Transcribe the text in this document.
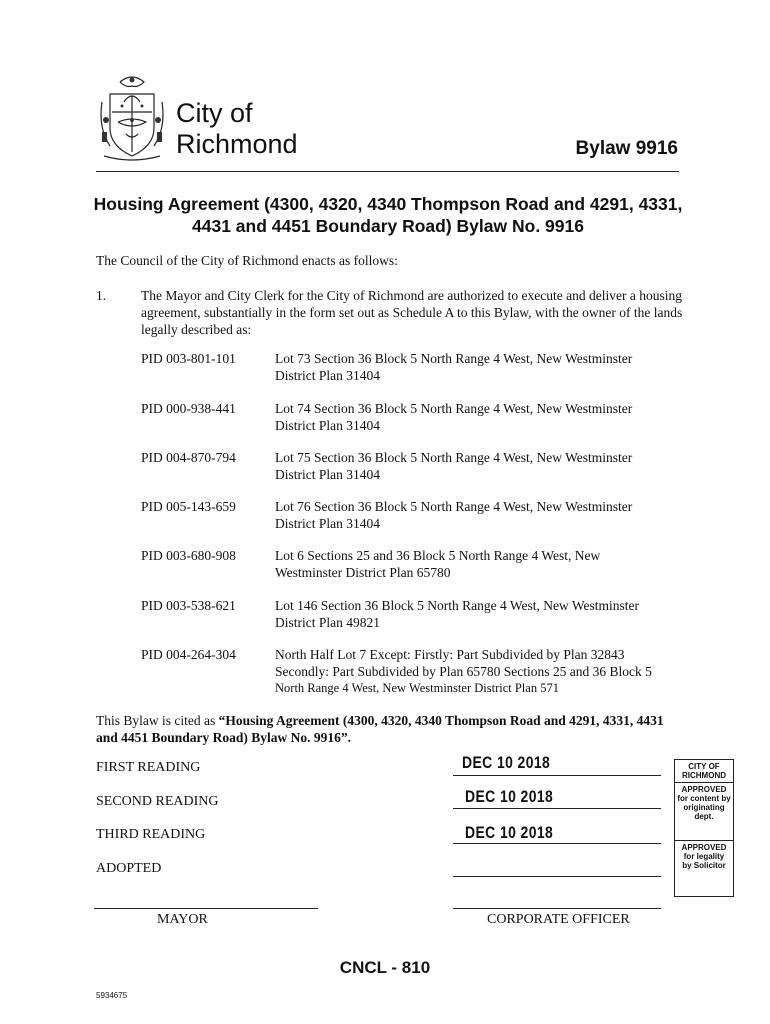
City of
Richmond	Bylaw 9916
Housing Agreement (4300, 4320, 4340 Thompson Road and 4291, 4331,
4431 and 4451 Boundary Road) Bylaw No. 9916
The Council of the City of Richmond enacts as follows:
1.	The Mayor and City Clerk for the City of Richmond are authorized to execute and deliver a housing agreement, substantially in the form set out as Schedule A to this Bylaw, with the owner of the lands legally described as:
PID 003-801-101	Lot 73 Section 36 Block 5 North Range 4 West, New Westminster
District Plan 31404
PID 000-938-441	Lot 74 Section 36 Block 5 North Range 4 West, New Westminster
District Plan 31404
PID 004-870-794	Lot 75 Section 36 Block 5 North Range 4 West, New Westminster
District Plan 31404
PID 005-143-659	Lot 76 Section 36 Block 5 North Range 4 West, New Westminster
District Plan 31404
PID 003-680-908	Lot 6 Sections 25 and 36 Block 5 North Range 4 West, New
Westminster District Plan 65780
PID 003-538-621	Lot 146 Section 36 Block 5 North Range 4 West, New Westminster
District Plan 49821
PID 004-264-304	North Half Lot 7 Except: Firstly: Part Subdivided by Plan 32843
Secondly: Part Subdivided by Plan 65780 Sections 25 and 36 Block 5
North Range 4 West, New Westminster District Plan 571
This Bylaw is cited as “Housing Agreement (4300, 4320, 4340 Thompson Road and 4291, 4331, 4431 and 4451 Boundary Road) Bylaw No. 9916”.
FIRST READING	DEC 10 2018
SECOND READING	DEC 10 2018
THIRD READING	DEC 10 2018
ADOPTED
CITY OF
RICHMOND
APPROVED
for content by
originating
dept.
APPROVED
for legality
by Solicitor
MAYOR	CORPORATE OFFICER
CNCL - 810
5934675
